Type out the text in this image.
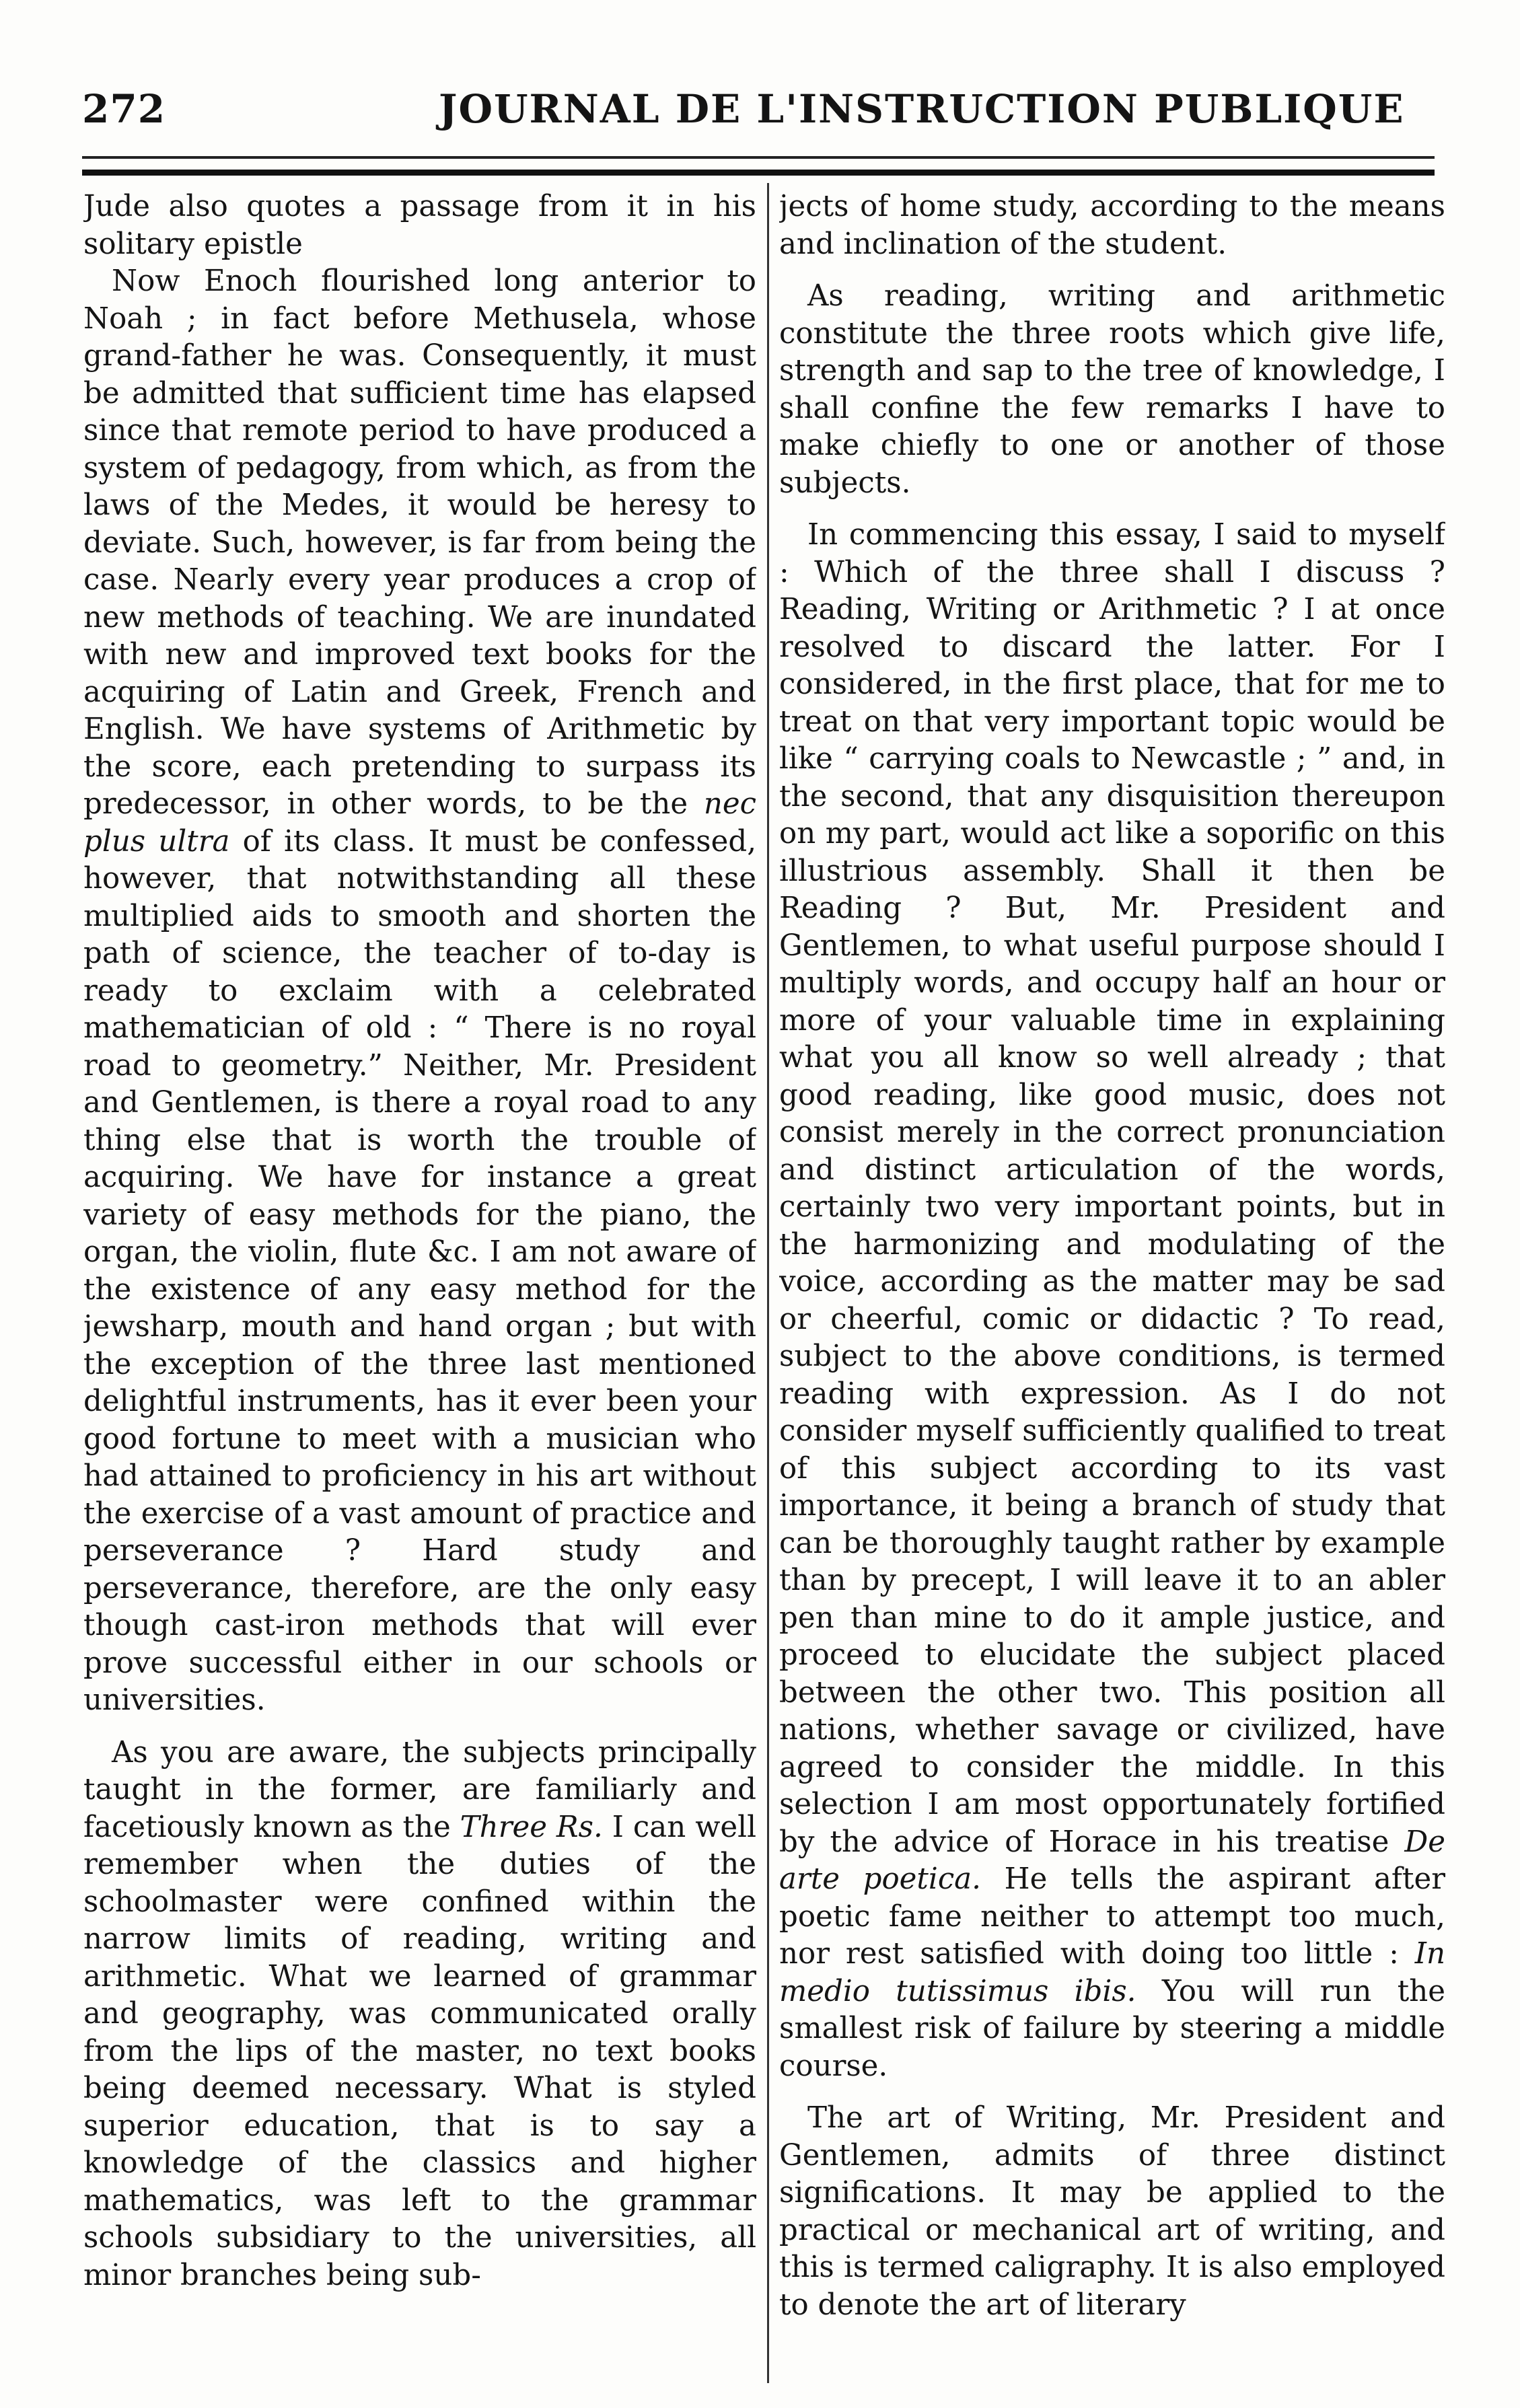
272	JOURNAL DE L'INSTRUCTION PUBLIQUE

Jude also quotes a passage from it in his solitary epistle

Now Enoch flourished long anterior to Noah ; in fact before Methusela, whose grand-father he was. Consequently, it must be admitted that sufficient time has elapsed since that remote period to have produced a system of pedagogy, from which, as from the laws of the Medes, it would be heresy to deviate. Such, however, is far from being the case. Nearly every year produces a crop of new methods of teaching. We are inundated with new and improved text books for the acquiring of Latin and Greek, French and English. We have systems of Arithmetic by the score, each pretending to surpass its predecessor, in other words, to be the nec plus ultra of its class. It must be confessed, however, that notwithstanding all these multiplied aids to smooth and shorten the path of science, the teacher of to-day is ready to exclaim with a celebrated mathematician of old : “ There is no royal road to geometry.” Neither, Mr. President and Gentlemen, is there a royal road to any thing else that is worth the trouble of acquiring. We have for instance a great variety of easy methods for the piano, the organ, the violin, flute &c. I am not aware of the existence of any easy method for the jewsharp, mouth and hand organ ; but with the exception of the three last mentioned delightful instruments, has it ever been your good fortune to meet with a musician who had attained to proficiency in his art without the exercise of a vast amount of practice and perseverance ? Hard study and perseverance, therefore, are the only easy though cast-iron methods that will ever prove successful either in our schools or universities.

As you are aware, the subjects principally taught in the former, are familiarly and facetiously known as the Three Rs. I can well remember when the duties of the schoolmaster were confined within the narrow limits of reading, writing and arithmetic. What we learned of grammar and geography, was communicated orally from the lips of the master, no text books being deemed necessary. What is styled superior education, that is to say a knowledge of the classics and higher mathematics, was left to the grammar schools subsidiary to the universities, all minor branches being sub-

jects of home study, according to the means and inclination of the student.

As reading, writing and arithmetic constitute the three roots which give life, strength and sap to the tree of knowledge, I shall confine the few remarks I have to make chiefly to one or another of those subjects.

In commencing this essay, I said to myself : Which of the three shall I discuss ? Reading, Writing or Arithmetic ? I at once resolved to discard the latter. For I considered, in the first place, that for me to treat on that very important topic would be like “ carrying coals to Newcastle ; ” and, in the second, that any disquisition thereupon on my part, would act like a soporific on this illustrious assembly. Shall it then be Reading ? But, Mr. President and Gentlemen, to what useful purpose should I multiply words, and occupy half an hour or more of your valuable time in explaining what you all know so well already ; that good reading, like good music, does not consist merely in the correct pronunciation and distinct articulation of the words, certainly two very important points, but in the harmonizing and modulating of the voice, according as the matter may be sad or cheerful, comic or didactic ? To read, subject to the above conditions, is termed reading with expression. As I do not consider myself sufficiently qualified to treat of this subject according to its vast importance, it being a branch of study that can be thoroughly taught rather by example than by precept, I will leave it to an abler pen than mine to do it ample justice, and proceed to elucidate the subject placed between the other two. This position all nations, whether savage or civilized, have agreed to consider the middle. In this selection I am most opportunately fortified by the advice of Horace in his treatise De arte poetica. He tells the aspirant after poetic fame neither to attempt too much, nor rest satisfied with doing too little : In medio tutissimus ibis. You will run the smallest risk of failure by steering a middle course.

The art of Writing, Mr. President and Gentlemen, admits of three distinct significations. It may be applied to the practical or mechanical art of writing, and this is termed caligraphy. It is also employed to denote the art of literary
